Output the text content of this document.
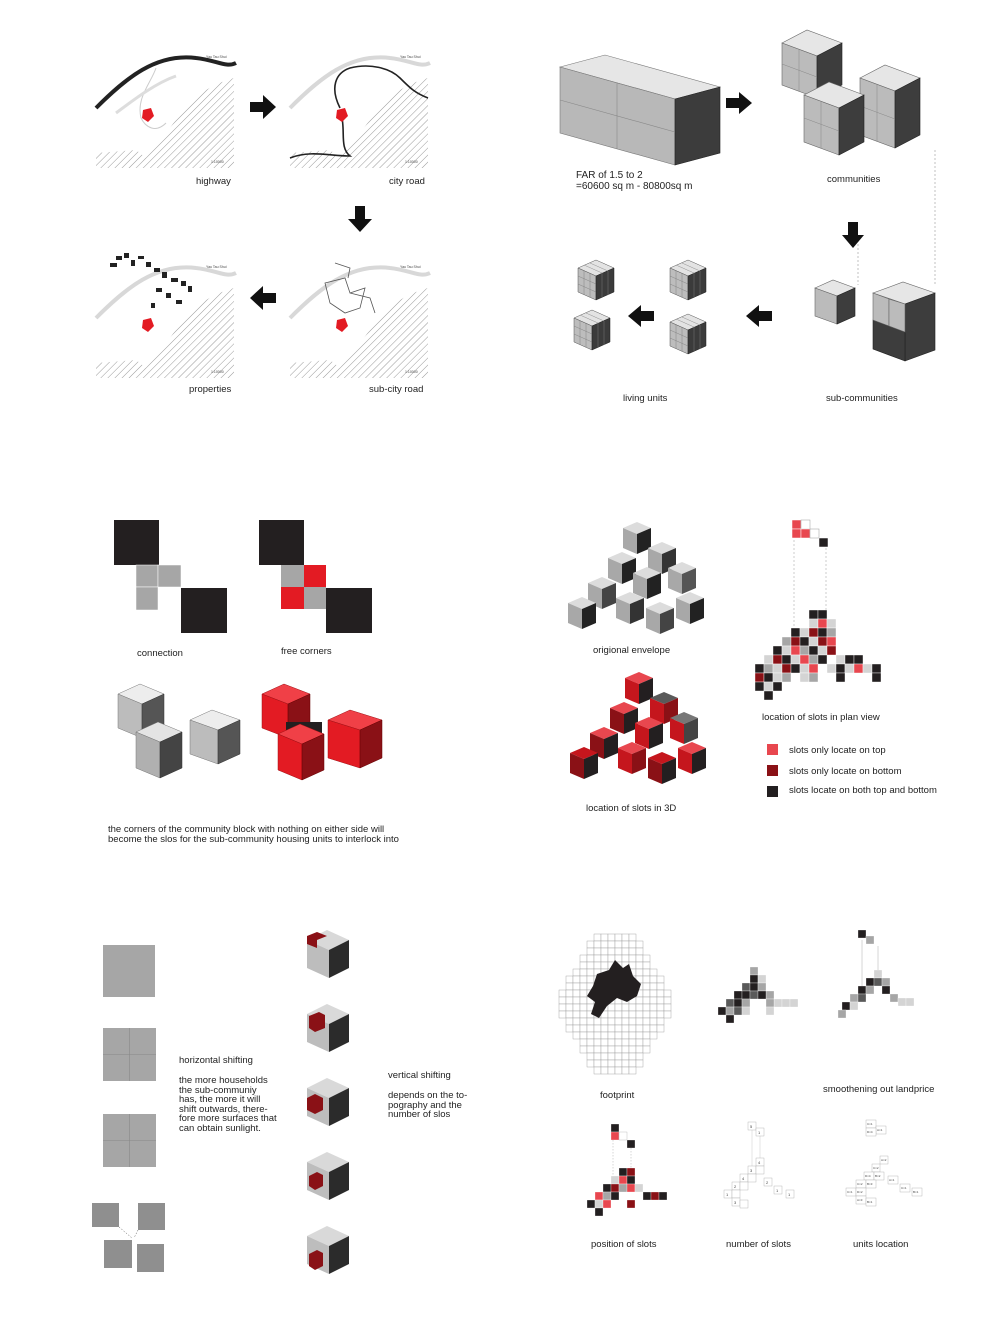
Yau Tau Shui
1:10000
highway
Yau Tau Shui
1:10000
city road
Yau Tau Shui
1:10000
sub-city road
Yau Tau Shui
1:10000
properties
FAR of 1.5 to 2
=60600 sq m - 80800sq m
communities
sub-communities
living units
connection	free corners
the corners of the community block with nothing on either side will
become the slos for the sub-community housing units to interlock into
origional envelope
location of slots in 3D
location of slots in plan view
slots only locate on top
slots only locate on bottom
slots locate on both top and bottom
horizontal shifting
the more households
the sub-communiy
has, the more it will
shift outwards, there-
fore more surfaces that
can obtain sunlight.
vertical shifting
depends on the to-
pography and the
number of slos
footprint
smoothening out landprice
position of slots
5
1
4
3
4
2
2
1
1
1
3
number of slots
C×1
A×1
D×4
A×2
C×2
D×4 B×2
A×1
C×2 B×3
C×1
B×1
C×1 D×2
A×3 B×1
units location
